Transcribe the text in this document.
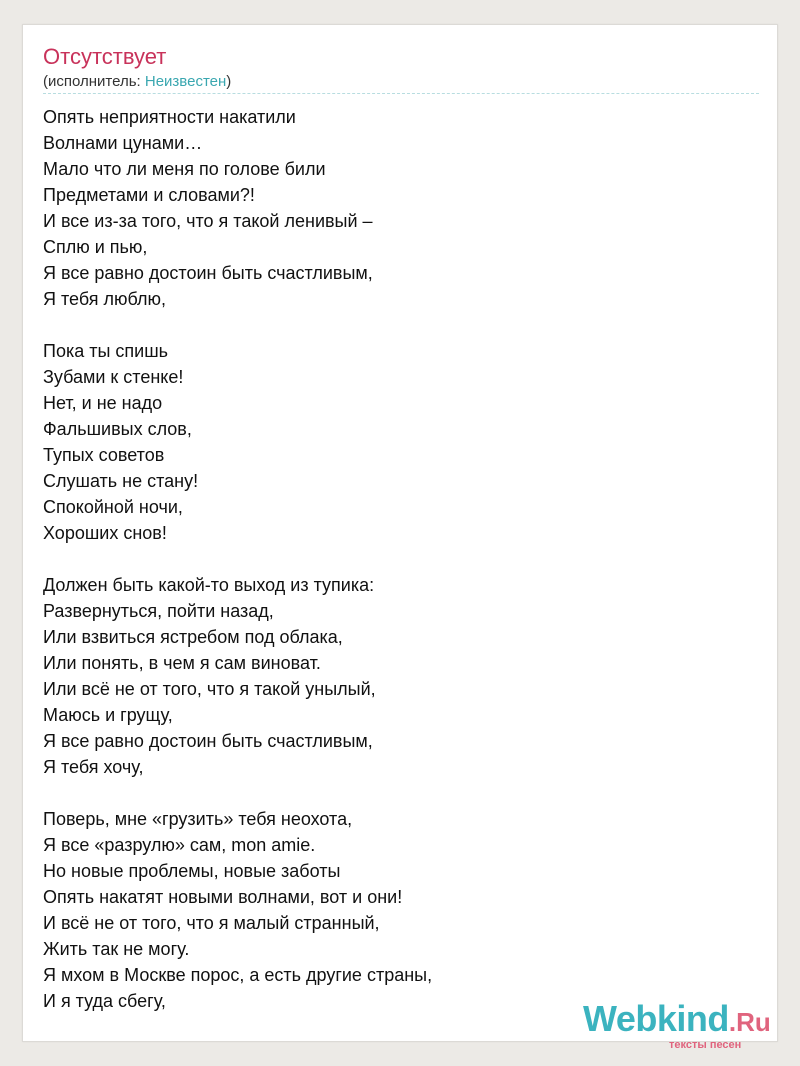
Отсутствует
(исполнитель: Неизвестен)
Опять неприятности накатили
Волнами цунами…
Мало что ли меня по голове били
Предметами и словами?!
И все из-за того, что я такой ленивый –
Сплю и пью,
Я все равно достоин быть счастливым,
Я тебя люблю,
Пока ты спишь
Зубами к стенке!
Нет, и не надо
Фальшивых слов,
Тупых советов
Слушать не стану!
Спокойной ночи,
Хороших снов!
Должен быть какой-то выход из тупика:
Развернуться, пойти назад,
Или взвиться ястребом под облака,
Или понять, в чем я сам виноват.
Или всё не от того, что я такой унылый,
Маюсь и грущу,
Я все равно достоин быть счастливым,
Я тебя хочу,
Поверь, мне «грузить» тебя неохота,
Я все «разрулю» сам, mon amie.
Но новые проблемы, новые заботы
Опять накатят новыми волнами, вот и они!
И всё не от того, что я малый странный,
Жить так не могу.
Я мхом в Москве порос, а есть другие страны,
И я туда сбегу,	Webkind.Ru
тексты песен
